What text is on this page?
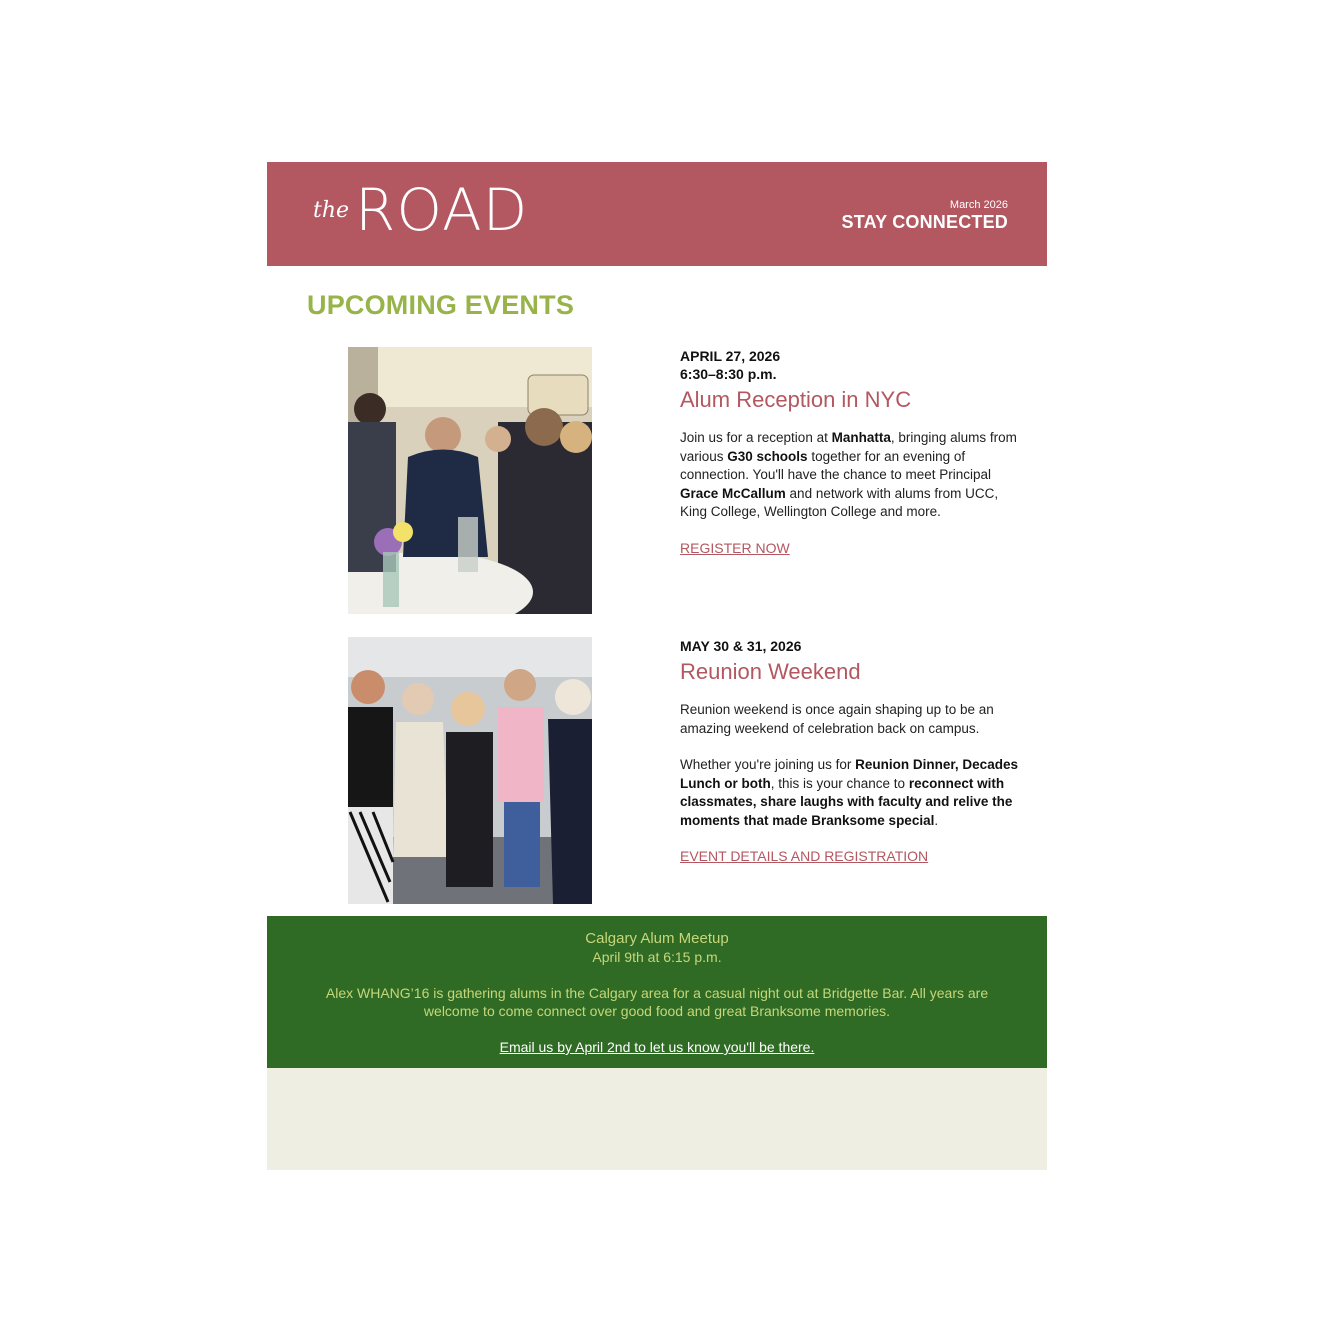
the ROAD	March 2026
STAY CONNECTED
UPCOMING EVENTS
APRIL 27, 2026
6:30–8:30 p.m.
Alum Reception in NYC

Join us for a reception at Manhatta, bringing alums from various G30 schools together for an evening of connection. You'll have the chance to meet Principal Grace McCallum and network with alums from UCC, King College, Wellington College and more.

REGISTER NOW
MAY 30 & 31, 2026
Reunion Weekend

Reunion weekend is once again shaping up to be an amazing weekend of celebration back on campus.

Whether you're joining us for Reunion Dinner, Decades Lunch or both, this is your chance to reconnect with classmates, share laughs with faculty and relive the moments that made Branksome special.

EVENT DETAILS AND REGISTRATION
Calgary Alum Meetup
April 9th at 6:15 p.m.
Alex WHANG’16 is gathering alums in the Calgary area for a casual night out at Bridgette Bar. All years are welcome to come connect over good food and great Branksome memories.
Email us by April 2nd to let us know you'll be there.
